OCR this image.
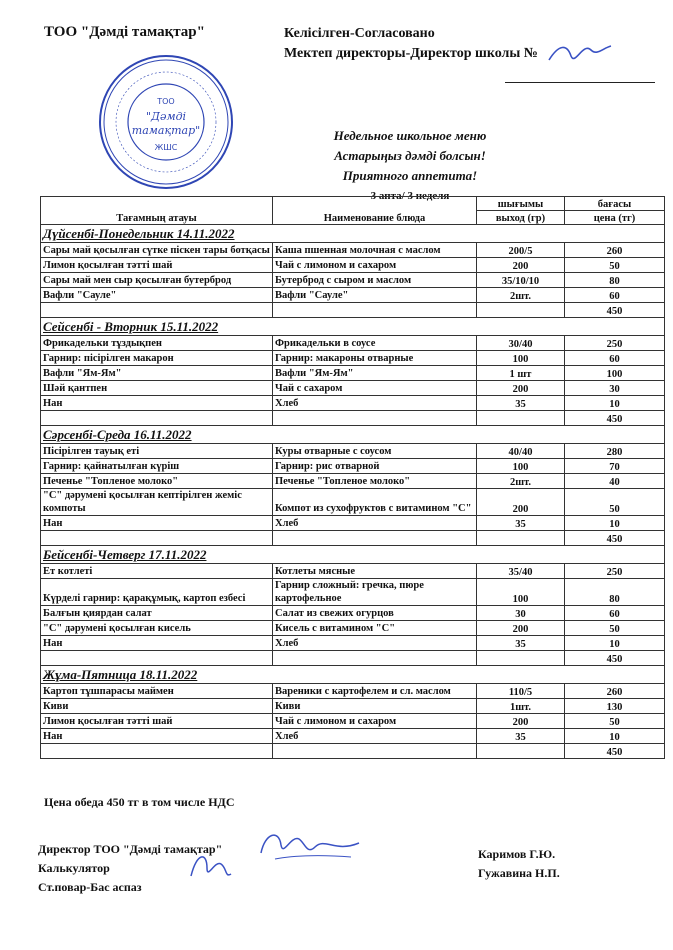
ТОО "Дәмді тамақтар"	Келісілген-Согласовано
Мектеп директоры-Директор школы №
ТОО
"Дәмді
тамақтар"
ЖШС
Недельное школьное меню
Астарыңыз дәмді болсын!
Приятного аппетита!
3 апта/ 3 неделя
Тағамның атауы	Наименование блюда	шығымы	бағасы
		выход (гр)	цена (тг)
Дүйсенбі-Понедельник 14.11.2022			
Сары май қосылған сүтке піскен тары ботқасы	Каша пшенная молочная с маслом	200/5	260
Лимон қосылған тәтті шай	Чай с лимоном и сахаром	200	50
Сары май мен сыр қосылған бутерброд	Бутерброд с сыром и маслом	35/10/10	80
Вафли "Сауле"	Вафли "Сауле"	2шт.	60
			450
Сейсенбі - Вторник 15.11.2022			
Фрикадельки тұздықпен	Фрикадельки в соусе	30/40	250
Гарнир: пісірілген макарон	Гарнир: макароны отварные	100	60
Вафли "Ям-Ям"	Вафли "Ям-Ям"	1 шт	100
Шәй қантпен	Чай с сахаром	200	30
Нан	Хлеб	35	10
			450
Сәрсенбі-Среда 16.11.2022			
Пісірілген тауық еті	Куры отварные с соусом	40/40	280
Гарнир: қайнатылған күріш	Гарнир: рис отварной	100	70
Печенье "Топленое молоко"	Печенье "Топленое молоко"	2шт.	40
"С" дәрумені қосылған кептірілген жеміс компоты	Компот из сухофруктов с витамином "С"	200	50
Нан	Хлеб	35	10
			450
Бейсенбі-Четверг 17.11.2022			
Ет котлеті	Котлеты мясные	35/40	250
Күрделі гарнир: қарақұмық, картоп езбесі	Гарнир сложный: гречка, пюре картофельное	100	80
Балғын қиярдан салат	Салат из свежих огурцов	30	60
"С" дәрумені қосылған кисель	Кисель с витамином "С"	200	50
Нан	Хлеб	35	10
			450
Жұма-Пятница 18.11.2022			
Картоп тұшпарасы маймен	Вареники с картофелем и сл. маслом	110/5	260
Киви	Киви	1шт.	130
Лимон қосылған тәтті шай	Чай с лимоном и сахаром	200	50
Нан	Хлеб	35	10
			450
Цена обеда 450 тг в том числе НДС
Директор ТОО "Дәмді тамақтар"
Калькулятор
Ст.повар-Бас аспаз
Каримов Г.Ю.
Гужавина Н.П.
